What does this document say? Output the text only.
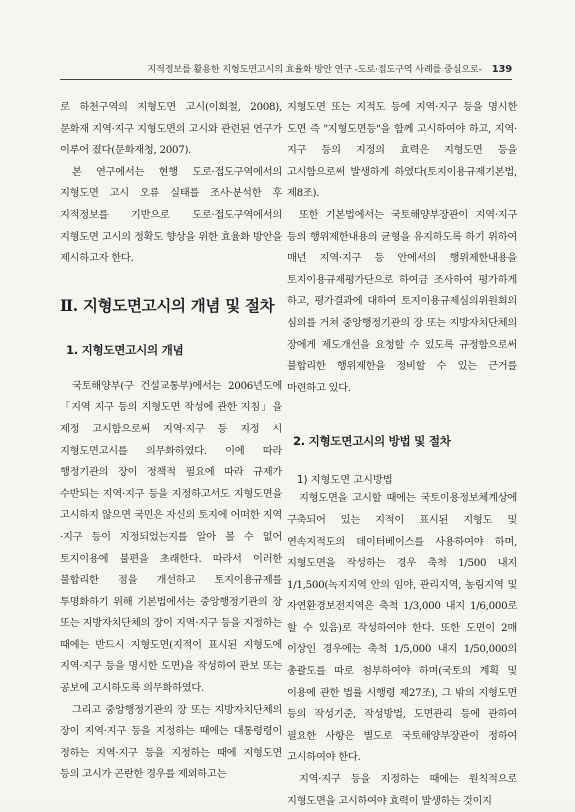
지적정보를 활용한 지형도면고시의 효율화 방안 연구 -도로·접도구역 사례를 중심으로- 139

로 하천구역의 지형도면 고시(이희철, 2008), 문화재 지역·지구 지형도면의 고시와 관련된 연구가 이루어 졌다(문화재청, 2007).

본 연구에서는 현행 도로·접도구역에서의 지형도면 고시 오류 실태를 조사·분석한 후 지적정보를 기반으로 도로·접도구역에서의 지형도면 고시의 정확도 향상을 위한 효율화 방안을 제시하고자 한다.

Ⅱ. 지형도면고시의 개념 및 절차
1. 지형도면고시의 개념

국토해양부(구 건설교통부)에서는 2006년도에 「지역 지구 등의 지형도면 작성에 관한 지침」을 제정 고시함으로써 지역·지구 등 지정 시 지형도면고시를 의무화하였다. 이에 따라 행정기관의 장이 정책적 필요에 따라 규제가 수반되는 지역·지구 등을 지정하고서도 지형도면을 고시하지 않으면 국민은 자신의 토지에 어떠한 지역·지구 등이 지정되었는지를 알아 볼 수 없어 토지이용에 불편을 초래한다. 따라서 이러한 불합리한 점을 개선하고 토지이용규제를 투명화하기 위해 기본법에서는 중앙행정기관의 장 또는 지방자치단체의 장이 지역·지구 등을 지정하는 때에는 반드시 지형도면(지적이 표시된 지형도에 지역·지구 등을 명시한 도면)을 작성하여 관보 또는 공보에 고시하도록 의무화하였다.

그리고 중앙행정기관의 장 또는 지방자치단체의 장이 지역·지구 등을 지정하는 때에는 대통령령이 정하는 지역·지구 등을 지정하는 때에 지형도면 등의 고시가 곤란한 경우를 제외하고는

지형도면 또는 지적도 등에 지역·지구 등을 명시한 도면 즉 "지형도면등"을 함께 고시하여야 하고, 지역·지구 등의 지정의 효력은 지형도면 등을 고시함으로써 발생하게 하였다(토지이용규제기본법, 제8조).

또한 기본법에서는 국토해양부장관이 지역·지구 등의 행위제한내용의 균형을 유지하도록 하기 위하여 매년 지역·지구 등 안에서의 행위제한내용을 토지이용규제평가단으로 하여금 조사하여 평가하게 하고, 평가결과에 대하여 토지이용규제심의위원회의 심의를 거쳐 중앙행정기관의 장 또는 지방자치단체의 장에게 제도개선을 요청할 수 있도록 규정함으로써 불합리한 행위제한을 정비할 수 있는 근거를 마련하고 있다.

2. 지형도면고시의 방법 및 절차
1) 지형도면 고시방법

지형도면을 고시할 때에는 국토이용정보체계상에 구축되어 있는 지적이 표시된 지형도 및 연속지적도의 데이터베이스를 사용하여야 하며, 지형도면을 작성하는 경우 축척 1/500 내지 1/1,500(녹지지역 안의 임야, 관리지역, 농림지역 및 자연환경보전지역은 축척 1/3,000 내지 1/6,000로 할 수 있음)로 작성하여야 한다. 또한 도면이 2매 이상인 경우에는 축척 1/5,000 내지 1/50,000의 총괄도를 따로 첨부하여야 하며(국토의 계획 및 이용에 관한 법률 시행령 제27조), 그 밖의 지형도면 등의 작성기준, 작성방법, 도면관리 등에 관하여 필요한 사항은 별도로 국토해양부장관이 정하여 고시하여야 한다.

지역·지구 등을 지정하는 때에는 원칙적으로 지형도면을 고시하여야 효력이 발생하는 것이지
